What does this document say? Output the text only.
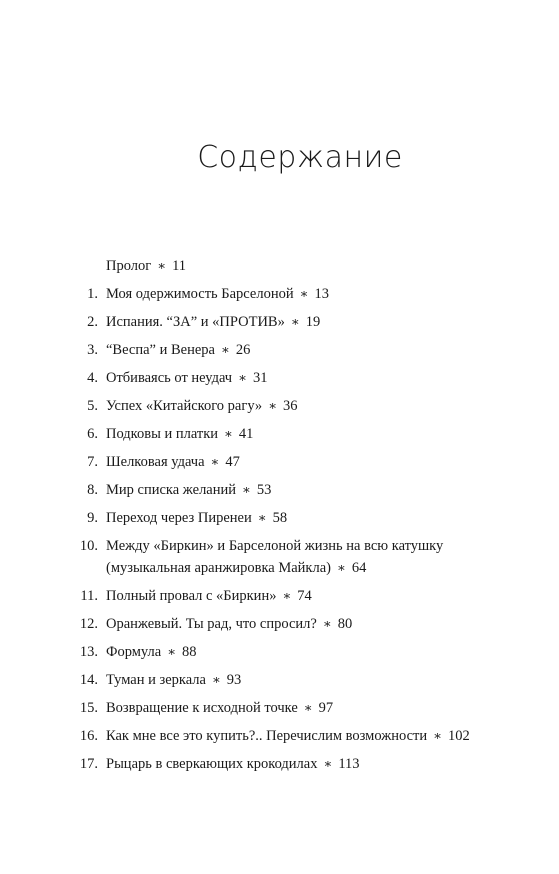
Содержание
Пролог ∗ 11
1. Моя одержимость Барселоной ∗ 13
2. Испания. “ЗА” и «ПРОТИВ» ∗ 19
3. “Веспа” и Венера ∗ 26
4. Отбиваясь от неудач ∗ 31
5. Успех «Китайского рагу» ∗ 36
6. Подковы и платки ∗ 41
7. Шелковая удача ∗ 47
8. Мир списка желаний ∗ 53
9. Переход через Пиренеи ∗ 58
10. Между «Биркин» и Барселоной жизнь на всю катушку
(музыкальная аранжировка Майкла) ∗ 64
11. Полный провал с «Биркин» ∗ 74
12. Оранжевый. Ты рад, что спросил? ∗ 80
13. Формула ∗ 88
14. Туман и зеркала ∗ 93
15. Возвращение к исходной точке ∗ 97
16. Как мне все это купить?.. Перечислим возможности ∗ 102
17. Рыцарь в сверкающих крокодилах ∗ 113
